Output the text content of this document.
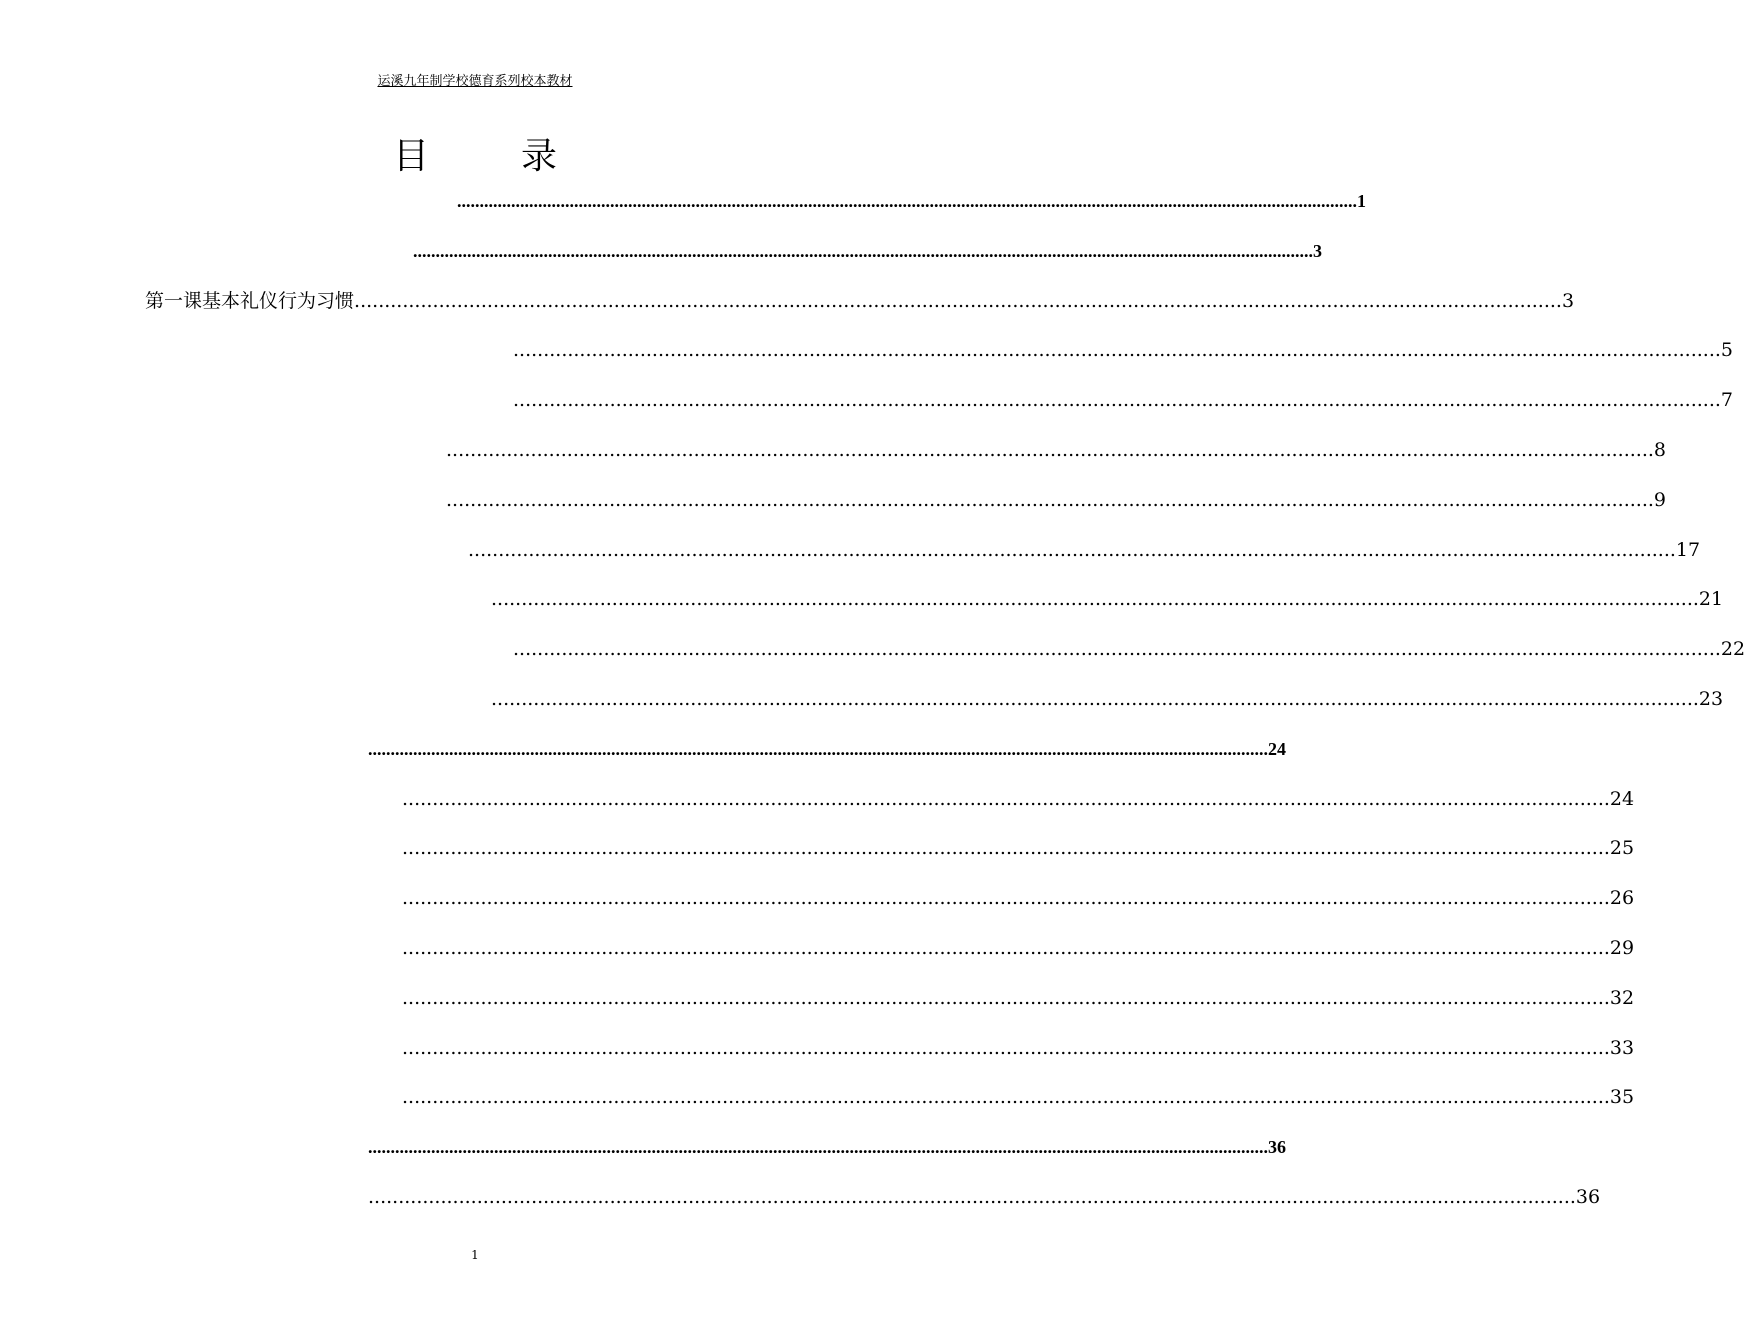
运溪九年制学校德育系列校本教材
目　录
........................................................................................................................................................................................................ 1
........................................................................................................................................................................................................ 3
第一课 基本礼仪行为习惯 ........................................................................................................................................................................................................ 3
........................................................................................................................................................................................................ 5
........................................................................................................................................................................................................ 7
........................................................................................................................................................................................................ 8
........................................................................................................................................................................................................ 9
........................................................................................................................................................................................................ 17
........................................................................................................................................................................................................ 21
........................................................................................................................................................................................................ 22
........................................................................................................................................................................................................ 23
........................................................................................................................................................................................................ 24
........................................................................................................................................................................................................ 24
........................................................................................................................................................................................................ 25
........................................................................................................................................................................................................ 26
........................................................................................................................................................................................................ 29
........................................................................................................................................................................................................ 32
........................................................................................................................................................................................................ 33
........................................................................................................................................................................................................ 35
........................................................................................................................................................................................................ 36
........................................................................................................................................................................................................ 36
1
